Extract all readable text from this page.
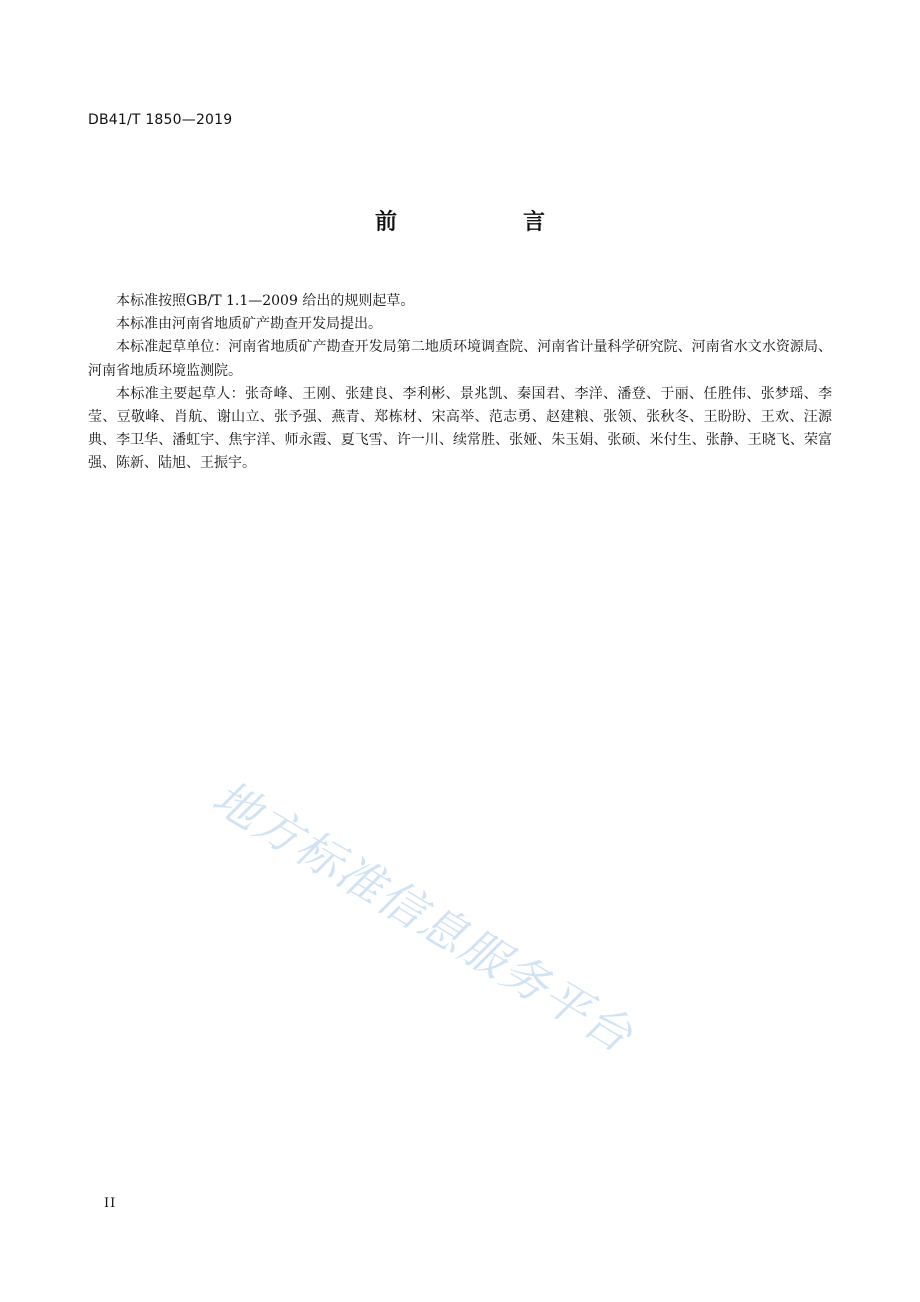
DB41/T 1850—2019
前　言

本标准按照GB/T 1.1—2009 给出的规则起草。

本标准由河南省地质矿产勘查开发局提出。

本标准起草单位：河南省地质矿产勘查开发局第二地质环境调查院、河南省计量科学研究院、河南省水文水资源局、河南省地质环境监测院。

本标准主要起草人：张奇峰、王刚、张建良、李利彬、景兆凯、秦国君、李洋、潘登、于丽、任胜伟、张梦瑶、李莹、豆敬峰、肖航、谢山立、张予强、燕青、郑栋材、宋高举、范志勇、赵建粮、张领、张秋冬、王盼盼、王欢、汪源典、李卫华、潘虹宇、焦宇洋、师永霞、夏飞雪、许一川、续常胜、张娅、朱玉娟、张硕、米付生、张静、王晓飞、荣富强、陈新、陆旭、王振宇。

地方标准信息服务平台
II
